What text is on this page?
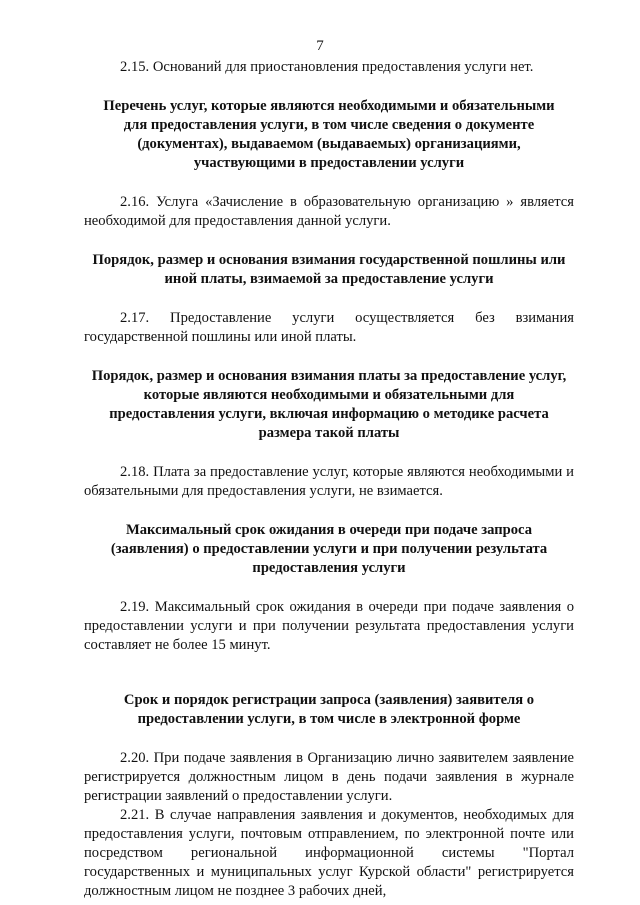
7

2.15. Оснований для приостановления предоставления услуги нет.

Перечень услуг, которые являются необходимыми и обязательными для предоставления услуги, в том числе сведения о документе (документах), выдаваемом (выдаваемых) организациями, участвующими в предоставлении услуги

2.16. Услуга «Зачисление в образовательную организацию » является необходимой для предоставления данной услуги.

Порядок, размер и основания взимания государственной пошлины или иной платы, взимаемой за предоставление услуги

2.17. Предоставление услуги осуществляется без взимания государственной пошлины или иной платы.

Порядок, размер и основания взимания платы за предоставление услуг, которые являются необходимыми и обязательными для предоставления услуги, включая информацию о методике расчета размера такой платы

2.18. Плата за предоставление услуг, которые являются необходимыми и обязательными для предоставления услуги, не взимается.

Максимальный срок ожидания в очереди при подаче запроса (заявления) о предоставлении услуги и при получении результата предоставления услуги

2.19. Максимальный срок ожидания в очереди при подаче заявления о предоставлении услуги и при получении результата предоставления услуги составляет не более 15 минут.

Срок и порядок регистрации запроса (заявления) заявителя о предоставлении услуги, в том числе в электронной форме

2.20. При подаче заявления в Организацию лично заявителем заявление регистрируется должностным лицом в день подачи заявления в журнале регистрации заявлений о предоставлении услуги.

2.21. В случае направления заявления и документов, необходимых для предоставления услуги, почтовым отправлением, по электронной почте или посредством региональной информационной системы "Портал государственных и муниципальных услуг Курской области" регистрируется должностным лицом не позднее 3 рабочих дней,
